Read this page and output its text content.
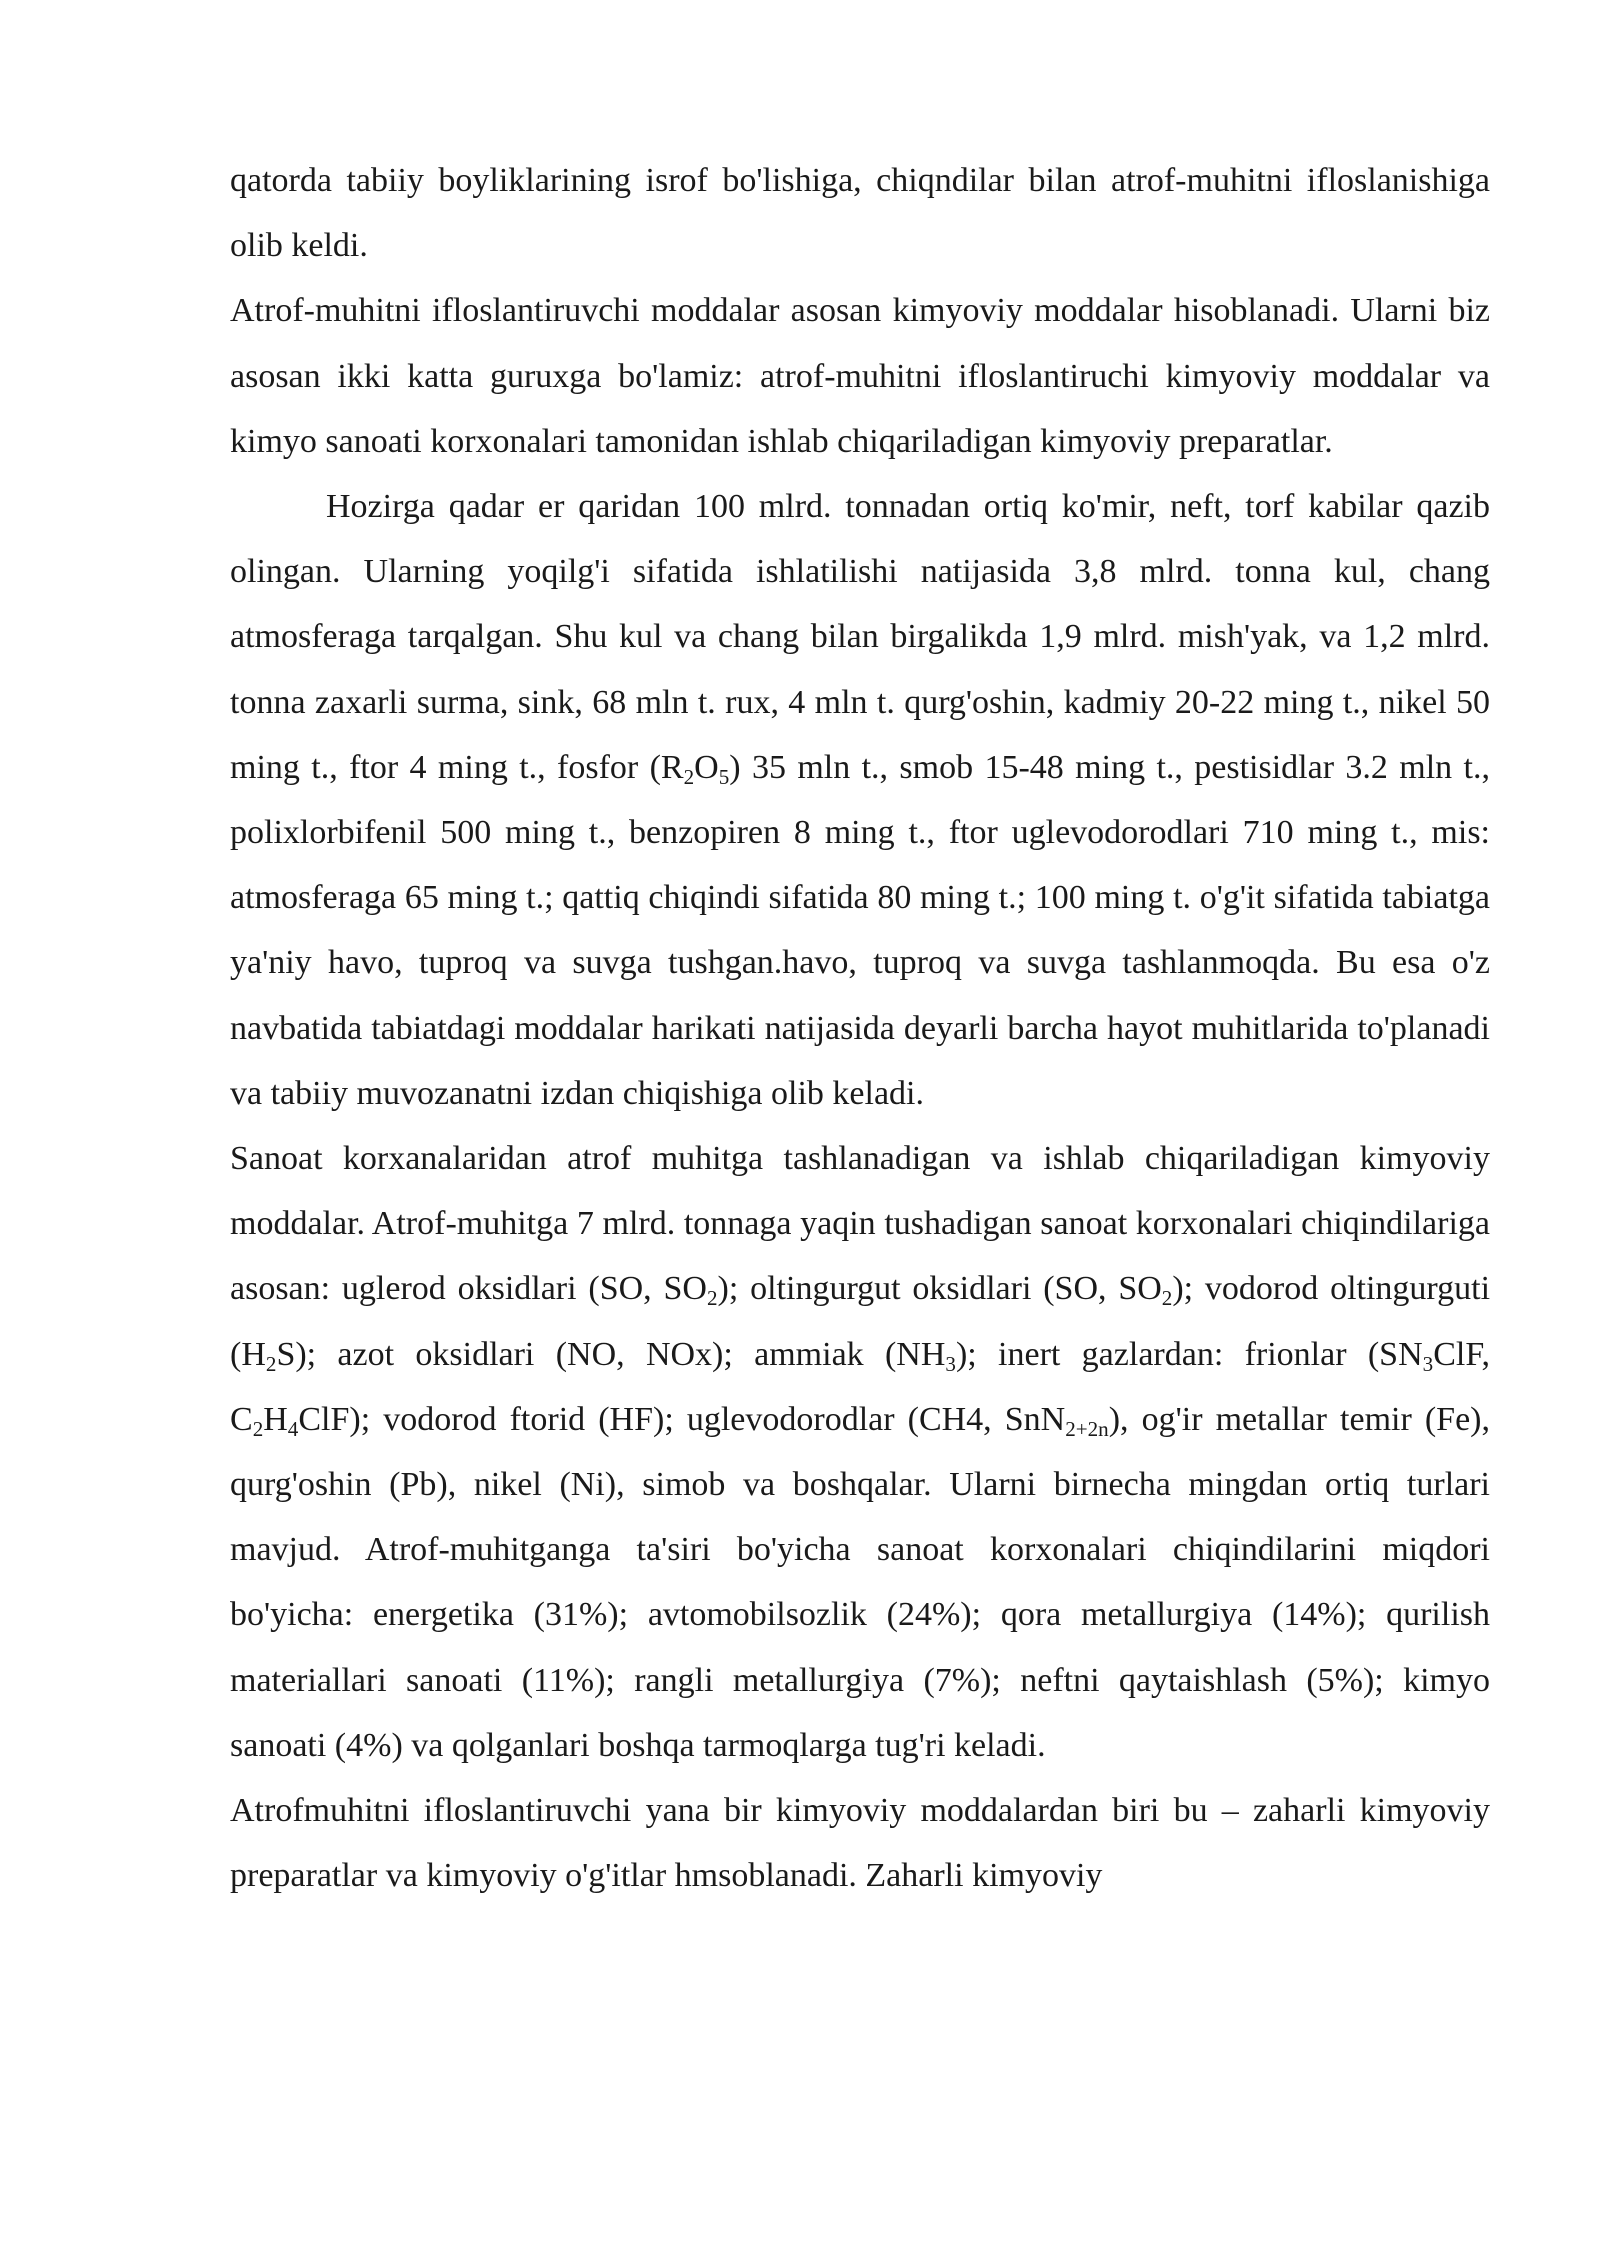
qatorda tabiiy boyliklarining isrof bo'lishiga, chiqndilar bilan atrof-muhitni ifloslanishiga olib keldi.

Atrof-muhitni ifloslantiruvchi moddalar asosan kimyoviy moddalar hisoblanadi. Ularni biz asosan ikki katta guruxga bo'lamiz: atrof-muhitni ifloslantiruchi kimyoviy moddalar va kimyo sanoati korxonalari tamonidan ishlab chiqariladigan kimyoviy preparatlar.

Hozirga qadar er qaridan 100 mlrd. tonnadan ortiq ko'mir, neft, torf kabilar qazib olingan. Ularning yoqilg'i sifatida ishlatilishi natijasida 3,8 mlrd. tonna kul, chang atmosferaga tarqalgan. Shu kul va chang bilan birgalikda 1,9 mlrd. mish'yak, va 1,2 mlrd. tonna zaxarli surma, sink, 68 mln t. rux, 4 mln t. qurg'oshin, kadmiy 20-22 ming t., nikel 50 ming t., ftor 4 ming t., fosfor $(R_2O_5)$ 35 mln t., smob 15-48 ming t., pestisidlar 3.2 mln t., polixlorbifenil 500 ming t., benzopiren 8 ming t., ftor uglevodorodlari 710 ming t., mis: atmosferaga 65 ming t.; qattiq chiqindi sifatida 80 ming t.; 100 ming t. o'g'it sifatida tabiatga ya'niy havo, tuproq va suvga tushgan.havo, tuproq va suvga tashlanmoqda. Bu esa o'z navbatida tabiatdagi moddalar harikati natijasida deyarli barcha hayot muhitlarida to'planadi va tabiiy muvozanatni izdan chiqishiga olib keladi.

Sanoat korxanalaridan atrof muhitga tashlanadigan va ishlab chiqariladigan kimyoviy moddalar. Atrof-muhitga 7 mlrd. tonnaga yaqin tushadigan sanoat korxonalari chiqindilariga asosan: uglerod oksidlari (SO, $SO_2$); oltingurgut oksidlari (SO, $SO_2$); vodorod oltingurguti $(H_2S)$; azot oksidlari (NO, NOx); ammiak $(NH_3)$; inert gazlardan: frionlar ($SN_3ClF$, $C_2H_4ClF$); vodorod ftorid (HF); uglevodorodlar (CH4, SnN$_{2+2n}$), og'ir metallar temir (Fe), qurg'oshin (Pb), nikel (Ni), simob va boshqalar. Ularni birnecha mingdan ortiq turlari mavjud. Atrof-muhitganga ta'siri bo'yicha sanoat korxonalari chiqindilarini miqdori bo'yicha: energetika (31%); avtomobilsozlik (24%); qora metallurgiya (14%); qurilish materiallari sanoati (11%); rangli metallurgiya (7%); neftni qaytaishlash (5%); kimyo sanoati (4%) va qolganlari boshqa tarmoqlarga tug'ri keladi.

Atrofmuhitni ifloslantiruvchi yana bir kimyoviy moddalardan biri bu – zaharli kimyoviy preparatlar va kimyoviy o'g'itlar hmsoblanadi. Zaharli kimyoviy
